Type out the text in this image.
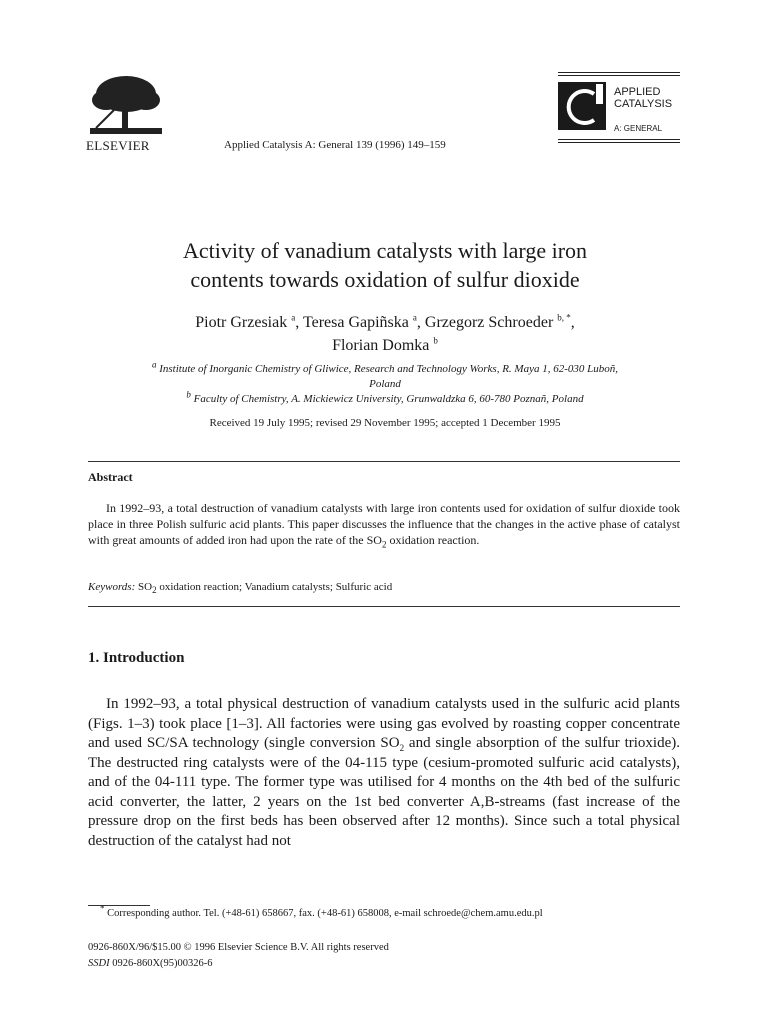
ELSEVIER	Applied Catalysis A: General 139 (1996) 149–159
APPLIED
CATALYSIS
A: GENERAL
Activity of vanadium catalysts with large iron
contents towards oxidation of sulfur dioxide
Piotr Grzesiak $^a$, Teresa Gapiñska $^a$, Grzegorz Schroeder $^{b, *}$,
Florian Domka $^b$
$^a$ Institute of Inorganic Chemistry of Gliwice, Research and Technology Works, R. Maya 1, 62-030 Luboñ,
Poland
$^b$ Faculty of Chemistry, A. Mickiewicz University, Grunwaldzka 6, 60-780 Poznañ, Poland
Received 19 July 1995; revised 29 November 1995; accepted 1 December 1995
Abstract
In 1992–93, a total destruction of vanadium catalysts with large iron contents used for oxidation of sulfur dioxide took place in three Polish sulfuric acid plants. This paper discusses the influence that the changes in the active phase of catalyst with great amounts of added iron had upon the rate of the $SO_2$ oxidation reaction.
Keywords: $SO_2$ oxidation reaction; Vanadium catalysts; Sulfuric acid
1. Introduction
In 1992–93, a total physical destruction of vanadium catalysts used in the sulfuric acid plants (Figs. 1–3) took place [1–3]. All factories were using gas evolved by roasting copper concentrate and used SC/SA technology (single conversion $SO_2$ and single absorption of the sulfur trioxide). The destructed ring catalysts were of the 04-115 type (cesium-promoted sulfuric acid catalysts), and of the 04-111 type. The former type was utilised for 4 months on the 4th bed of the sulfuric acid converter, the latter, 2 years on the 1st bed converter A,B-streams (fast increase of the pressure drop on the first beds has been observed after 12 months). Since such a total physical destruction of the catalyst had not
* Corresponding author. Tel. (+48-61) 658667, fax. (+48-61) 658008, e-mail schroede@chem.amu.edu.pl
0926-860X/96/$15.00 © 1996 Elsevier Science B.V. All rights reserved
SSDI 0926-860X(95)00326-6
